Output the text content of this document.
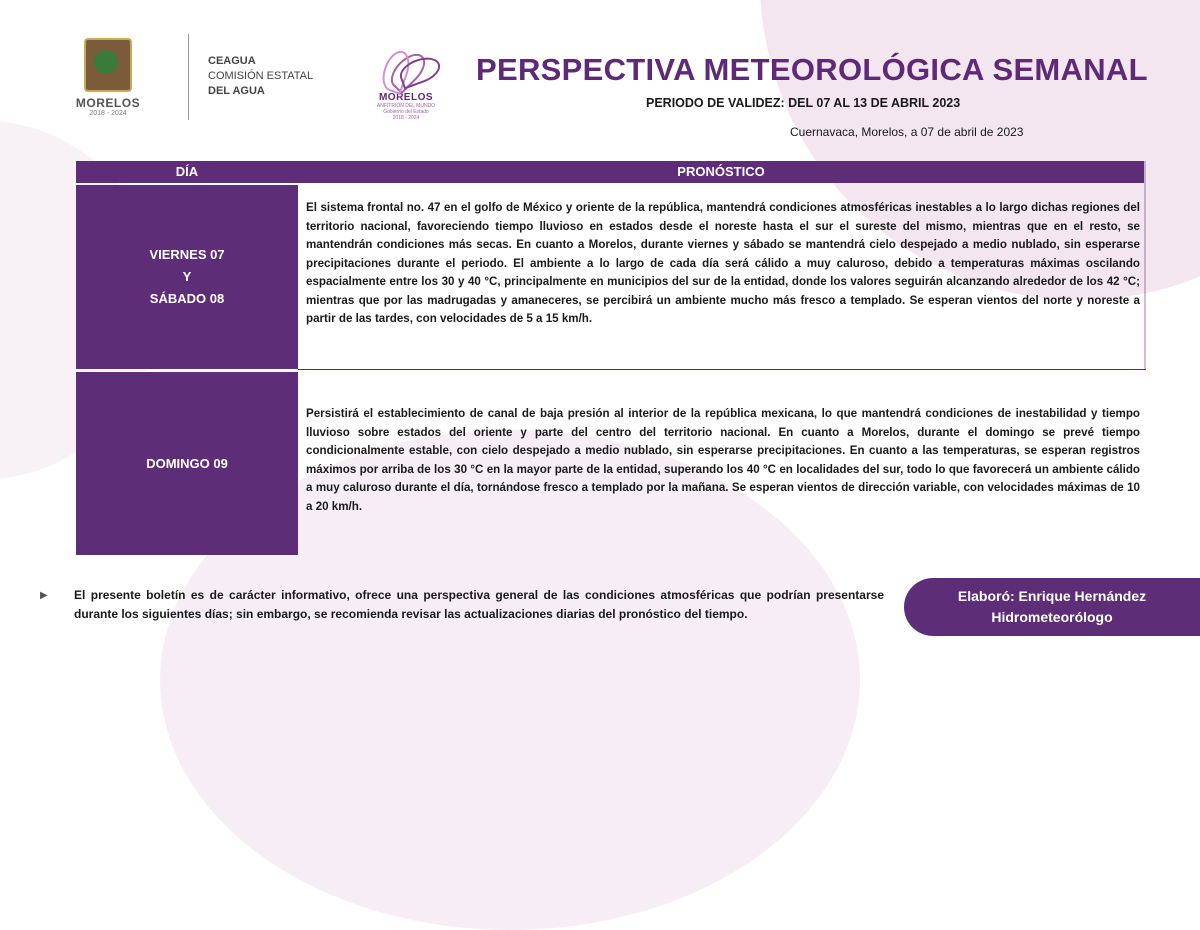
MORELOS
2018 - 2024
CEAGUA
COMISIÓN ESTATAL
DEL AGUA
MORELOS
ANFITRIÓN DEL MUNDO
Gobierno del Estado
2018 - 2024
PERSPECTIVA METEOROLÓGICA SEMANAL
PERIODO DE VALIDEZ: DEL 07 AL 13 DE ABRIL 2023
Cuernavaca, Morelos, a 07 de abril de 2023
DÍA	PRONÓSTICO
VIERNES 07
Y
SÁBADO 08
El sistema frontal no. 47 en el golfo de México y oriente de la república, mantendrá condiciones atmosféricas inestables a lo largo dichas regiones del territorio nacional, favoreciendo tiempo lluvioso en estados desde el noreste hasta el sur el sureste del mismo, mientras que en el resto, se mantendrán condiciones más secas. En cuanto a Morelos, durante viernes y sábado se mantendrá cielo despejado a medio nublado, sin esperarse precipitaciones durante el periodo. El ambiente a lo largo de cada día será cálido a muy caluroso, debido a temperaturas máximas oscilando espacialmente entre los 30 y 40 °C, principalmente en municipios del sur de la entidad, donde los valores seguirán alcanzando alrededor de los 42 °C; mientras que por las madrugadas y amaneceres, se percibirá un ambiente mucho más fresco a templado. Se esperan vientos del norte y noreste a partir de las tardes, con velocidades de 5 a 15 km/h.
DOMINGO 09
Persistirá el establecimiento de canal de baja presión al interior de la república mexicana, lo que mantendrá condiciones de inestabilidad y tiempo lluvioso sobre estados del oriente y parte del centro del territorio nacional. En cuanto a Morelos, durante el domingo se prevé tiempo condicionalmente estable, con cielo despejado a medio nublado, sin esperarse precipitaciones. En cuanto a las temperaturas, se esperan registros máximos por arriba de los 30 °C en la mayor parte de la entidad, superando los 40 °C en localidades del sur, todo lo que favorecerá un ambiente cálido a muy caluroso durante el día, tornándose fresco a templado por la mañana. Se esperan vientos de dirección variable, con velocidades máximas de 10 a 20 km/h.
▶ El presente boletín es de carácter informativo, ofrece una perspectiva general de las condiciones atmosféricas que podrían presentarse durante los siguientes días; sin embargo, se recomienda revisar las actualizaciones diarias del pronóstico del tiempo.
Elaboró: Enrique Hernández
Hidrometeorólogo
